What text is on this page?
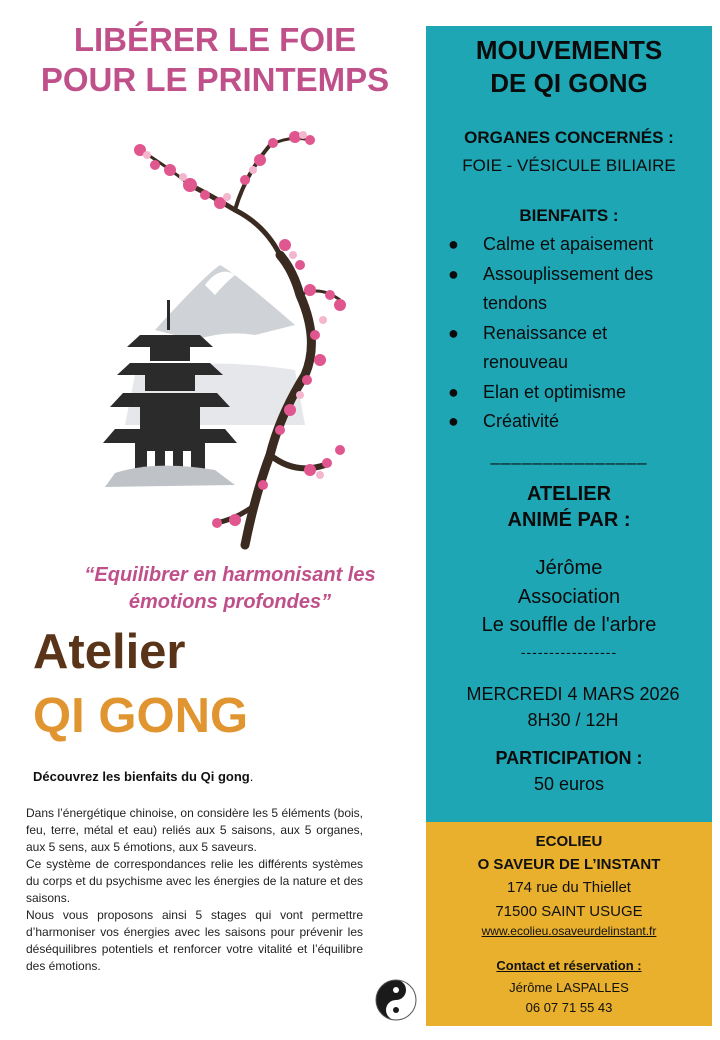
LIBÉRER LE FOIE
POUR LE PRINTEMPS
“Equilibrer en harmonisant les
émotions profondes”
Atelier
QI GONG
Découvrez les bienfaits du Qi gong.

Dans l’énergétique chinoise, on considère les 5 éléments (bois, feu, terre, métal et eau) reliés aux 5 saisons, aux 5 organes, aux 5 sens, aux 5 émotions, aux 5 saveurs.

Ce système de correspondances relie les différents systèmes du corps et du psychisme avec les énergies de la nature et des saisons.

Nous vous proposons ainsi 5 stages qui vont permettre d’harmoniser vos énergies avec les saisons pour prévenir les déséquilibres potentiels et renforcer votre vitalité et l’équilibre des émotions.

MOUVEMENTS
DE QI GONG
ORGANES CONCERNÉS :
FOIE - VÉSICULE BILIAIRE
BIENFAITS :
● Calme et apaisement
● Assouplissement des
tendons
● Renaissance et
renouveau
● Elan et optimisme
● Créativité
_______________
ATELIER
ANIMÉ PAR :
Jérôme
Association
Le souffle de l'arbre
-----------------
MERCREDI 4 MARS 2026
8H30 / 12H
PARTICIPATION :
50 euros
ECOLIEU
O SAVEUR DE L’INSTANT
174 rue du Thiellet
71500 SAINT USUGE
www.ecolieu.osaveurdelinstant.fr
Contact et réservation :
Jérôme LASPALLES
06 07 71 55 43
